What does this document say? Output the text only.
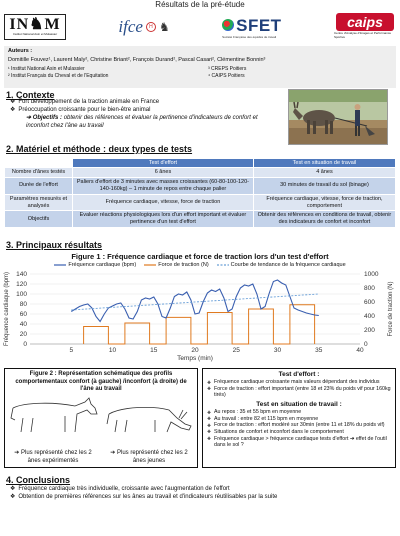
Résultats de la pré-étude
IN♞M
Institut National Asin et Mulassier	ifce	H ♞	SFET
Société Française des équidés de travail
caips
Centre d'Analyse d'Images et Performance Sportive
Auteurs :
Domitille Fouvez¹, Laurent Maly², Christine Briant², François Durand², Pascal Casari², Clémentine Bonnin³
¹ Institut National Asin et Mulassier	³ CREPS Poitiers
² Institut Français du Cheval et de l'Equitation	⁴ CAIPS Poitiers
1. Contexte
❖ Fort développement de la traction animale en France
❖ Préoccupation croissante pour le bien-être animal
➔ Objectifs : obtenir des références et évaluer la pertinence d'indicateurs de confort et inconfort chez l'âne au travail
2. Matériel et méthode : deux types de tests
	Test d'effort	Test en situation de travail
Nombre d'ânes testés	6 ânes	4 ânes
Durée de l'effort	Paliers d'effort de 3 minutes avec masses croissantes (60-80-100-120-140-160kg) – 1 minute de repos entre chaque palier	30 minutes de travail du sol (binage)
Paramètres mesurés et analysés	Fréquence cardiaque, vitesse, force de traction	Fréquence cardiaque, vitesse, force de traction, comportement
Objectifs	Evaluer réactions physiologiques lors d'un effort important et évaluer pertinence d'un test d'effort	Obtenir des références en conditions de travail, obtenir des indicateurs de confort et inconfort
3. Principaux résultats
Figure 1 : Fréquence cardiaque et force de traction lors d'un test d'effort
Fréquence cardiaque (bpm)	Force de traction (N)	Courbe de tendance de la fréquence cardiaque
0
20
40
60
80
100
120
140
0
200
400
600
800
1000
5	10	15	20	25	30	35	40
Temps (min)
Fréquence cardiaque (bpm)	Force de traction (N)
Figure 2 : Représentation schématique des profils comportementaux confort (à gauche) /inconfort (à droite) de l'âne au travail
➔ Plus représenté chez les 2 ânes expérimentés
➔ Plus représenté chez les 2 ânes jeunes
Test d'effort :
❖ Fréquence cardiaque croissante mais valeurs dépendant des individus
❖ Force de traction : effort important (entre 18 et 23% du poids vif pour 160kg tirés)
Test en situation de travail :
❖ Au repos : 35 et 55 bpm en moyenne
❖ Au travail : entre 82 et 115 bpm en moyenne
❖ Force de traction : effort modéré sur 30min (entre 11 et 18% du poids vif)
❖ Situations de confort et inconfort dans le comportement
❖ Fréquence cardiaque > fréquence cardiaque tests d'effort ➔ effet de l'outil dans le sol ?
4. Conclusions
❖ Fréquence cardiaque très individuelle, croissante avec l'augmentation de l'effort
❖ Obtention de premières références sur les ânes au travail et d'indicateurs réutilisables par la suite
